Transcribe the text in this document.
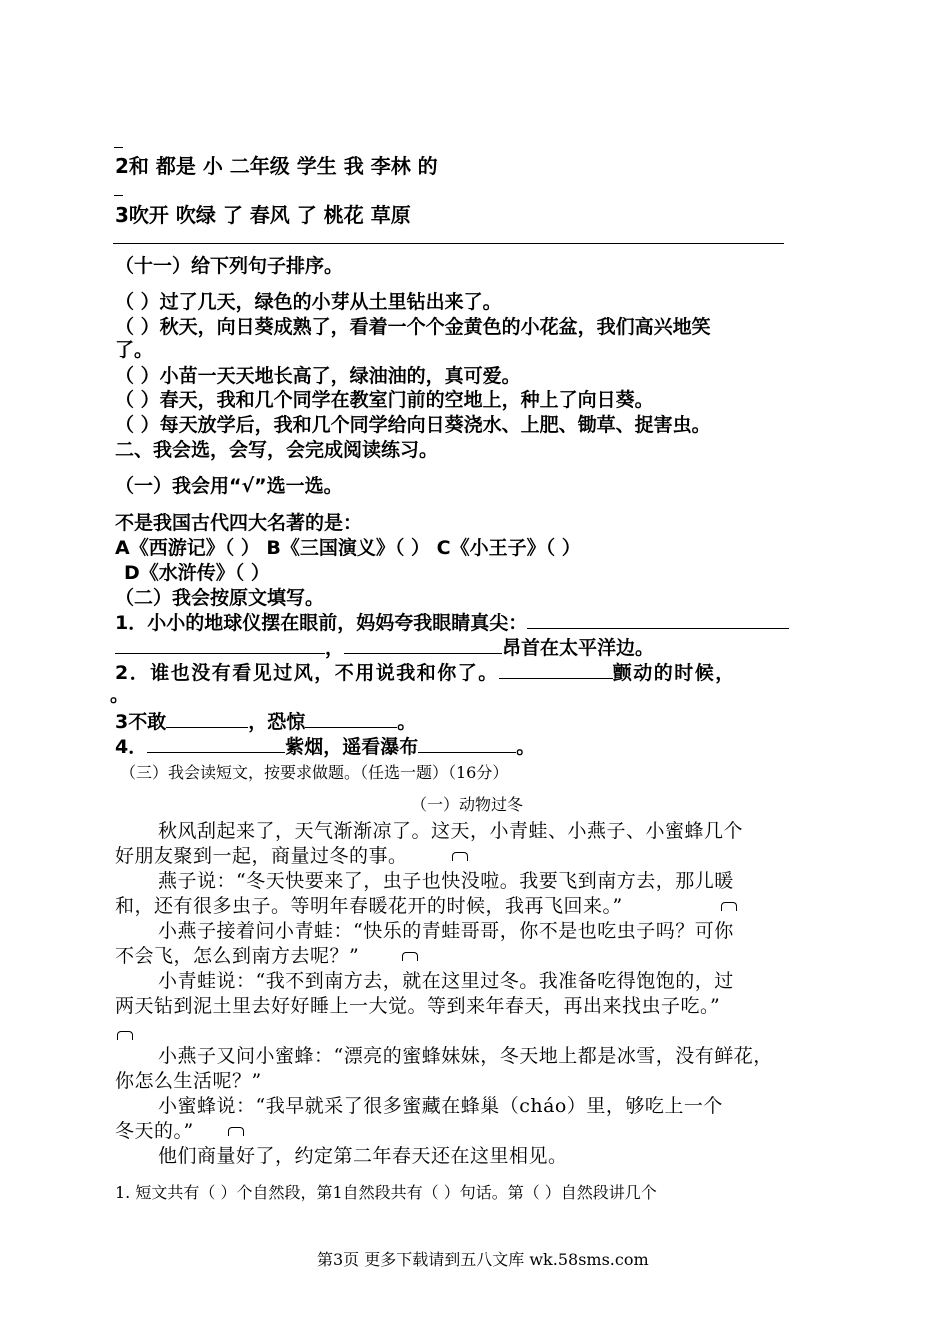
2和 都是 小 二年级 学生 我 李林 的
3吹开 吹绿 了 春风 了 桃花 草原
（十一）给下列句子排序。
（ ）过了几天，绿色的小芽从土里钻出来了。
（ ）秋天，向日葵成熟了，看着一个个金黄色的小花盆，我们高兴地笑
了。
（ ）小苗一天天地长高了，绿油油的，真可爱。
（ ）春天，我和几个同学在教室门前的空地上，种上了向日葵。
（ ）每天放学后，我和几个同学给向日葵浇水、上肥、锄草、捉害虫。
二、我会选，会写，会完成阅读练习。
（一）我会用“√”选一选。
不是我国古代四大名著的是：
A《西游记》（ ） B《三国演义》（ ） C《小王子》（ ）
D《水浒传》（ ）
（二）我会按原文填写。
1．小小的地球仪摆在眼前，妈妈夸我眼睛真尖：
，	昂首在太平洋边。
2．谁也没有看见过风，不用说我和你了。	颤动的时候，
。
3不敢	，恐惊	。
4．	紫烟，遥看瀑布	。
（三）我会读短文，按要求做题。（任选一题）（16分）
（一）动物过冬
秋风刮起来了，天气渐渐凉了。这天，小青蛙、小燕子、小蜜蜂几个
好朋友聚到一起，商量过冬的事。
燕子说：“冬天快要来了，虫子也快没啦。我要飞到南方去，那儿暖
和，还有很多虫子。等明年春暖花开的时候，我再飞回来。”
小燕子接着问小青蛙：“快乐的青蛙哥哥，你不是也吃虫子吗？可你
不会飞，怎么到南方去呢？”
小青蛙说：“我不到南方去，就在这里过冬。我准备吃得饱饱的，过
两天钻到泥土里去好好睡上一大觉。等到来年春天，再出来找虫子吃。”
小燕子又问小蜜蜂：“漂亮的蜜蜂妹妹，冬天地上都是冰雪，没有鲜花，
你怎么生活呢？”
小蜜蜂说：“我早就采了很多蜜藏在蜂巢（cháo）里，够吃上一个
冬天的。”
他们商量好了，约定第二年春天还在这里相见。
1. 短文共有（ ）个自然段，第1自然段共有（ ）句话。第（ ）自然段讲几个
第3页 更多下载请到五八文库 wk.58sms.com
